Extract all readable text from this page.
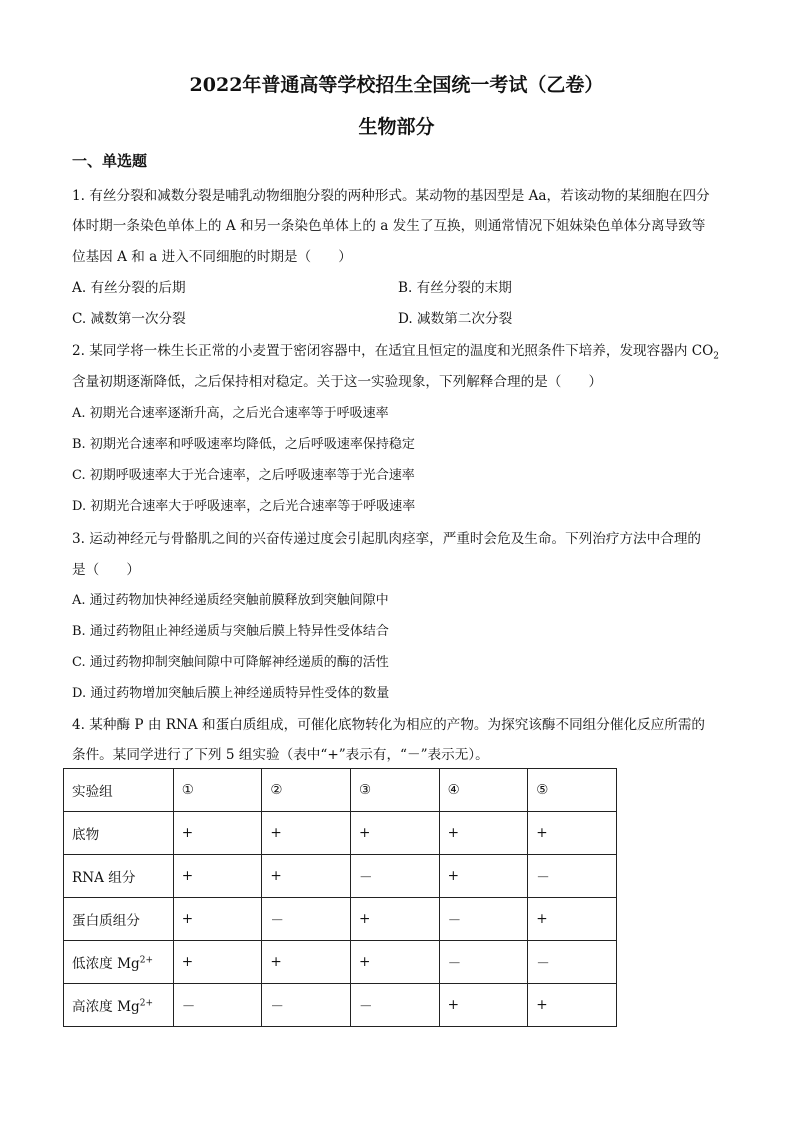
2022年普通高等学校招生全国统一考试（乙卷）
生物部分
一、单选题
1. 有丝分裂和减数分裂是哺乳动物细胞分裂的两种形式。某动物的基因型是 Aa，若该动物的某细胞在四分
体时期一条染色单体上的 A 和另一条染色单体上的 a 发生了互换，则通常情况下姐妹染色单体分离导致等
位基因 A 和 a 进入不同细胞的时期是（　　）
A. 有丝分裂的后期	B. 有丝分裂的末期
C. 减数第一次分裂	D. 减数第二次分裂
2. 某同学将一株生长正常的小麦置于密闭容器中，在适宜且恒定的温度和光照条件下培养，发现容器内 $CO_2$
含量初期逐渐降低，之后保持相对稳定。关于这一实验现象，下列解释合理的是（　　）
A. 初期光合速率逐渐升高，之后光合速率等于呼吸速率
B. 初期光合速率和呼吸速率均降低，之后呼吸速率保持稳定
C. 初期呼吸速率大于光合速率，之后呼吸速率等于光合速率
D. 初期光合速率大于呼吸速率，之后光合速率等于呼吸速率
3. 运动神经元与骨骼肌之间的兴奋传递过度会引起肌肉痉挛，严重时会危及生命。下列治疗方法中合理的
是（　　）
A. 通过药物加快神经递质经突触前膜释放到突触间隙中
B. 通过药物阻止神经递质与突触后膜上特异性受体结合
C. 通过药物抑制突触间隙中可降解神经递质的酶的活性
D. 通过药物增加突触后膜上神经递质特异性受体的数量
4. 某种酶 P 由 RNA 和蛋白质组成，可催化底物转化为相应的产物。为探究该酶不同组分催化反应所需的
条件。某同学进行了下列 5 组实验（表中“+”表示有，“－”表示无）。
实验组	①	②	③	④	⑤
底物	+	+	+	+	+
RNA 组分	+	+	－	+	－
蛋白质组分	+	－	+	－	+
低浓度 $Mg^{2+}$	+	+	+	－	－
高浓度 $Mg^{2+}$	－	－	－	+	+
